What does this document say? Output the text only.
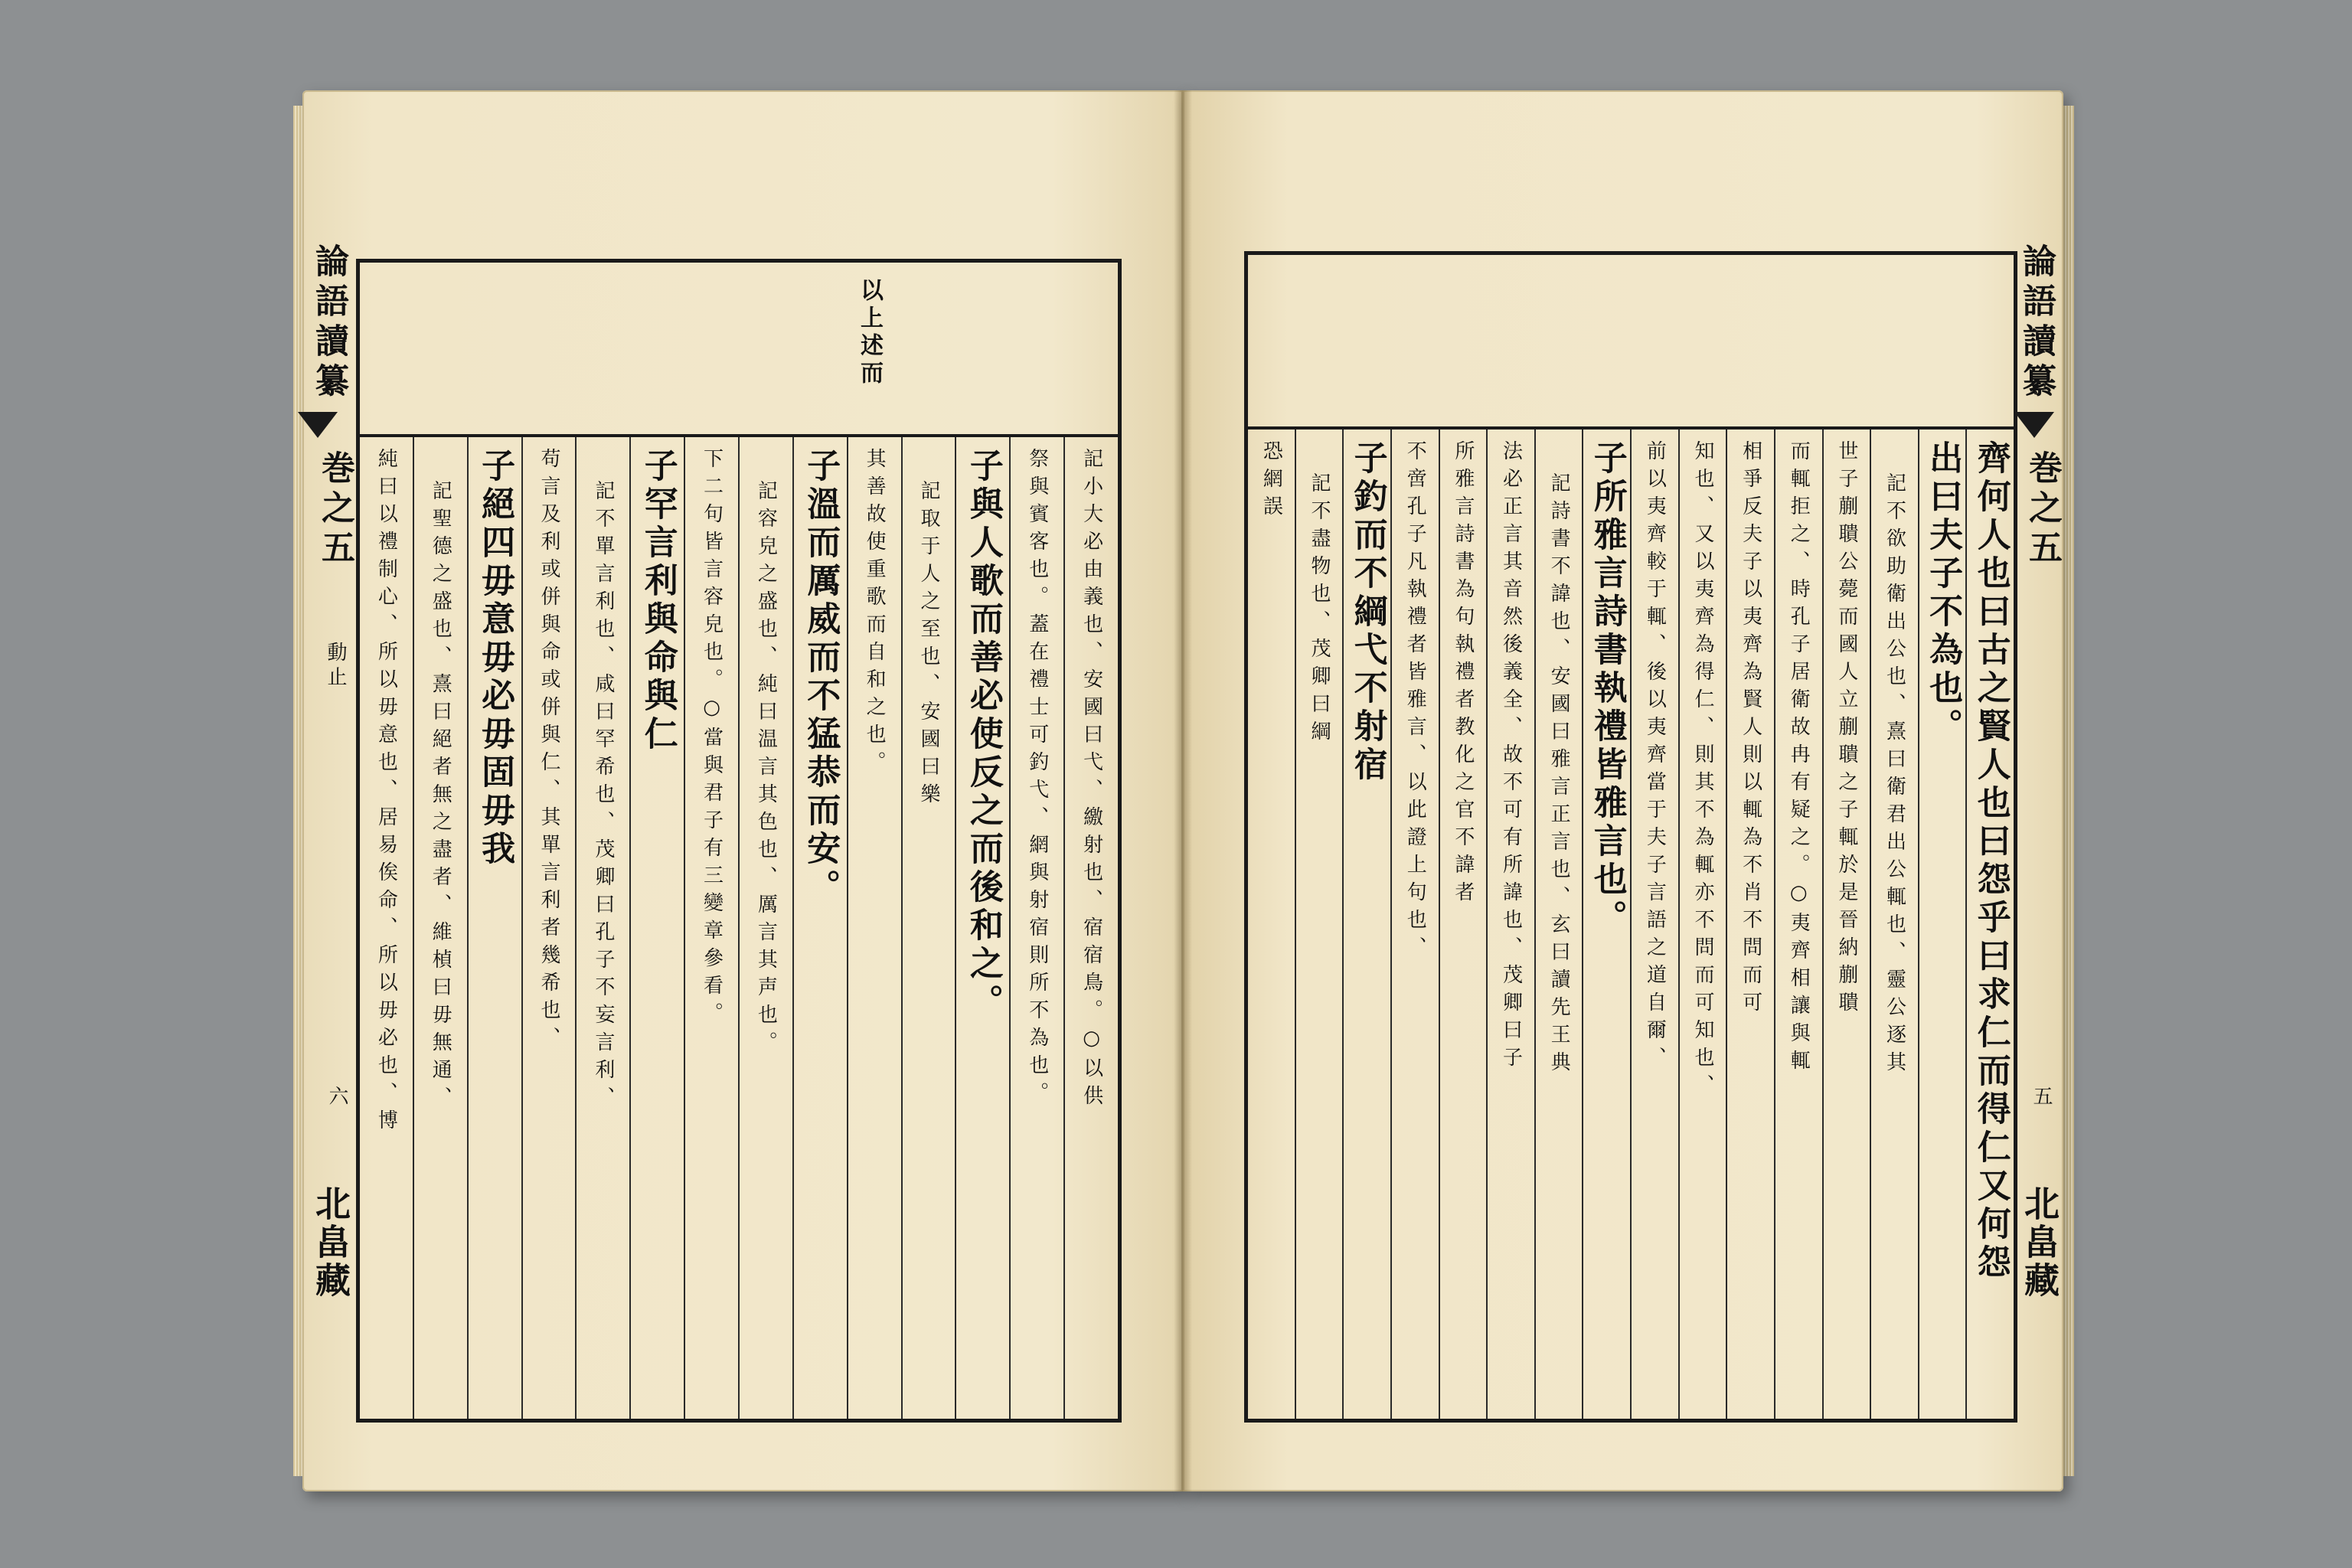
以上述而
記小大必由義也、安國曰弋、繳射也、宿宿鳥。○以供
祭與賓客也。蓋在禮士可釣弋、網與射宿則所不為也。
子與人歌而善必使反之而後和之。
記取于人之至也、安國曰樂
其善故使重歌而自和之也。
子溫而厲威而不猛恭而安。
記容皃之盛也、純曰温言其色也、厲言其声也。
下二句皆言容皃也。○當與君子有三變章參看。
子罕言利與命與仁
記不單言利也、咸曰罕希也、茂卿曰孔子不妄言利、
苟言及利或併與命或併與仁、其單言利者幾希也、
子絕四毋意毋必毋固毋我
記聖德之盛也、熹曰絕者無之盡者、維楨曰毋無通、
純曰以禮制心、所以毋意也、居易俟命、所以毋必也、博
論語讀纂
巻之五
動止
六
北畠藏	齊何人也曰古之賢人也曰怨乎曰求仁而得仁又何怨
出曰夫子不為也。
記不欲助衛出公也、熹曰衛君出公輒也、靈公逐其
世子蒯聵公薨而國人立蒯聵之子輒於是晉納蒯聵
而輒拒之、時孔子居衛故冉有疑之。○夷齊相讓與輒
相爭反夫子以夷齊為賢人則以輒為不肖不問而可
知也、又以夷齊為得仁、則其不為輒亦不問而可知也、
前以夷齊較于輒、後以夷齊當于夫子言語之道自爾、
子所雅言詩書執禮皆雅言也。
記詩書不諱也、安國曰雅言正言也、玄曰讀先王典
法必正言其音然後義全、故不可有所諱也、茂卿曰子
所雅言詩書為句執禮者教化之官不諱者
不啻孔子凡執禮者皆雅言、以此證上句也、
子釣而不綱弋不射宿
記不盡物也、茂卿曰綱
恐網誤
論語讀纂
巻之五
五
北畠藏
